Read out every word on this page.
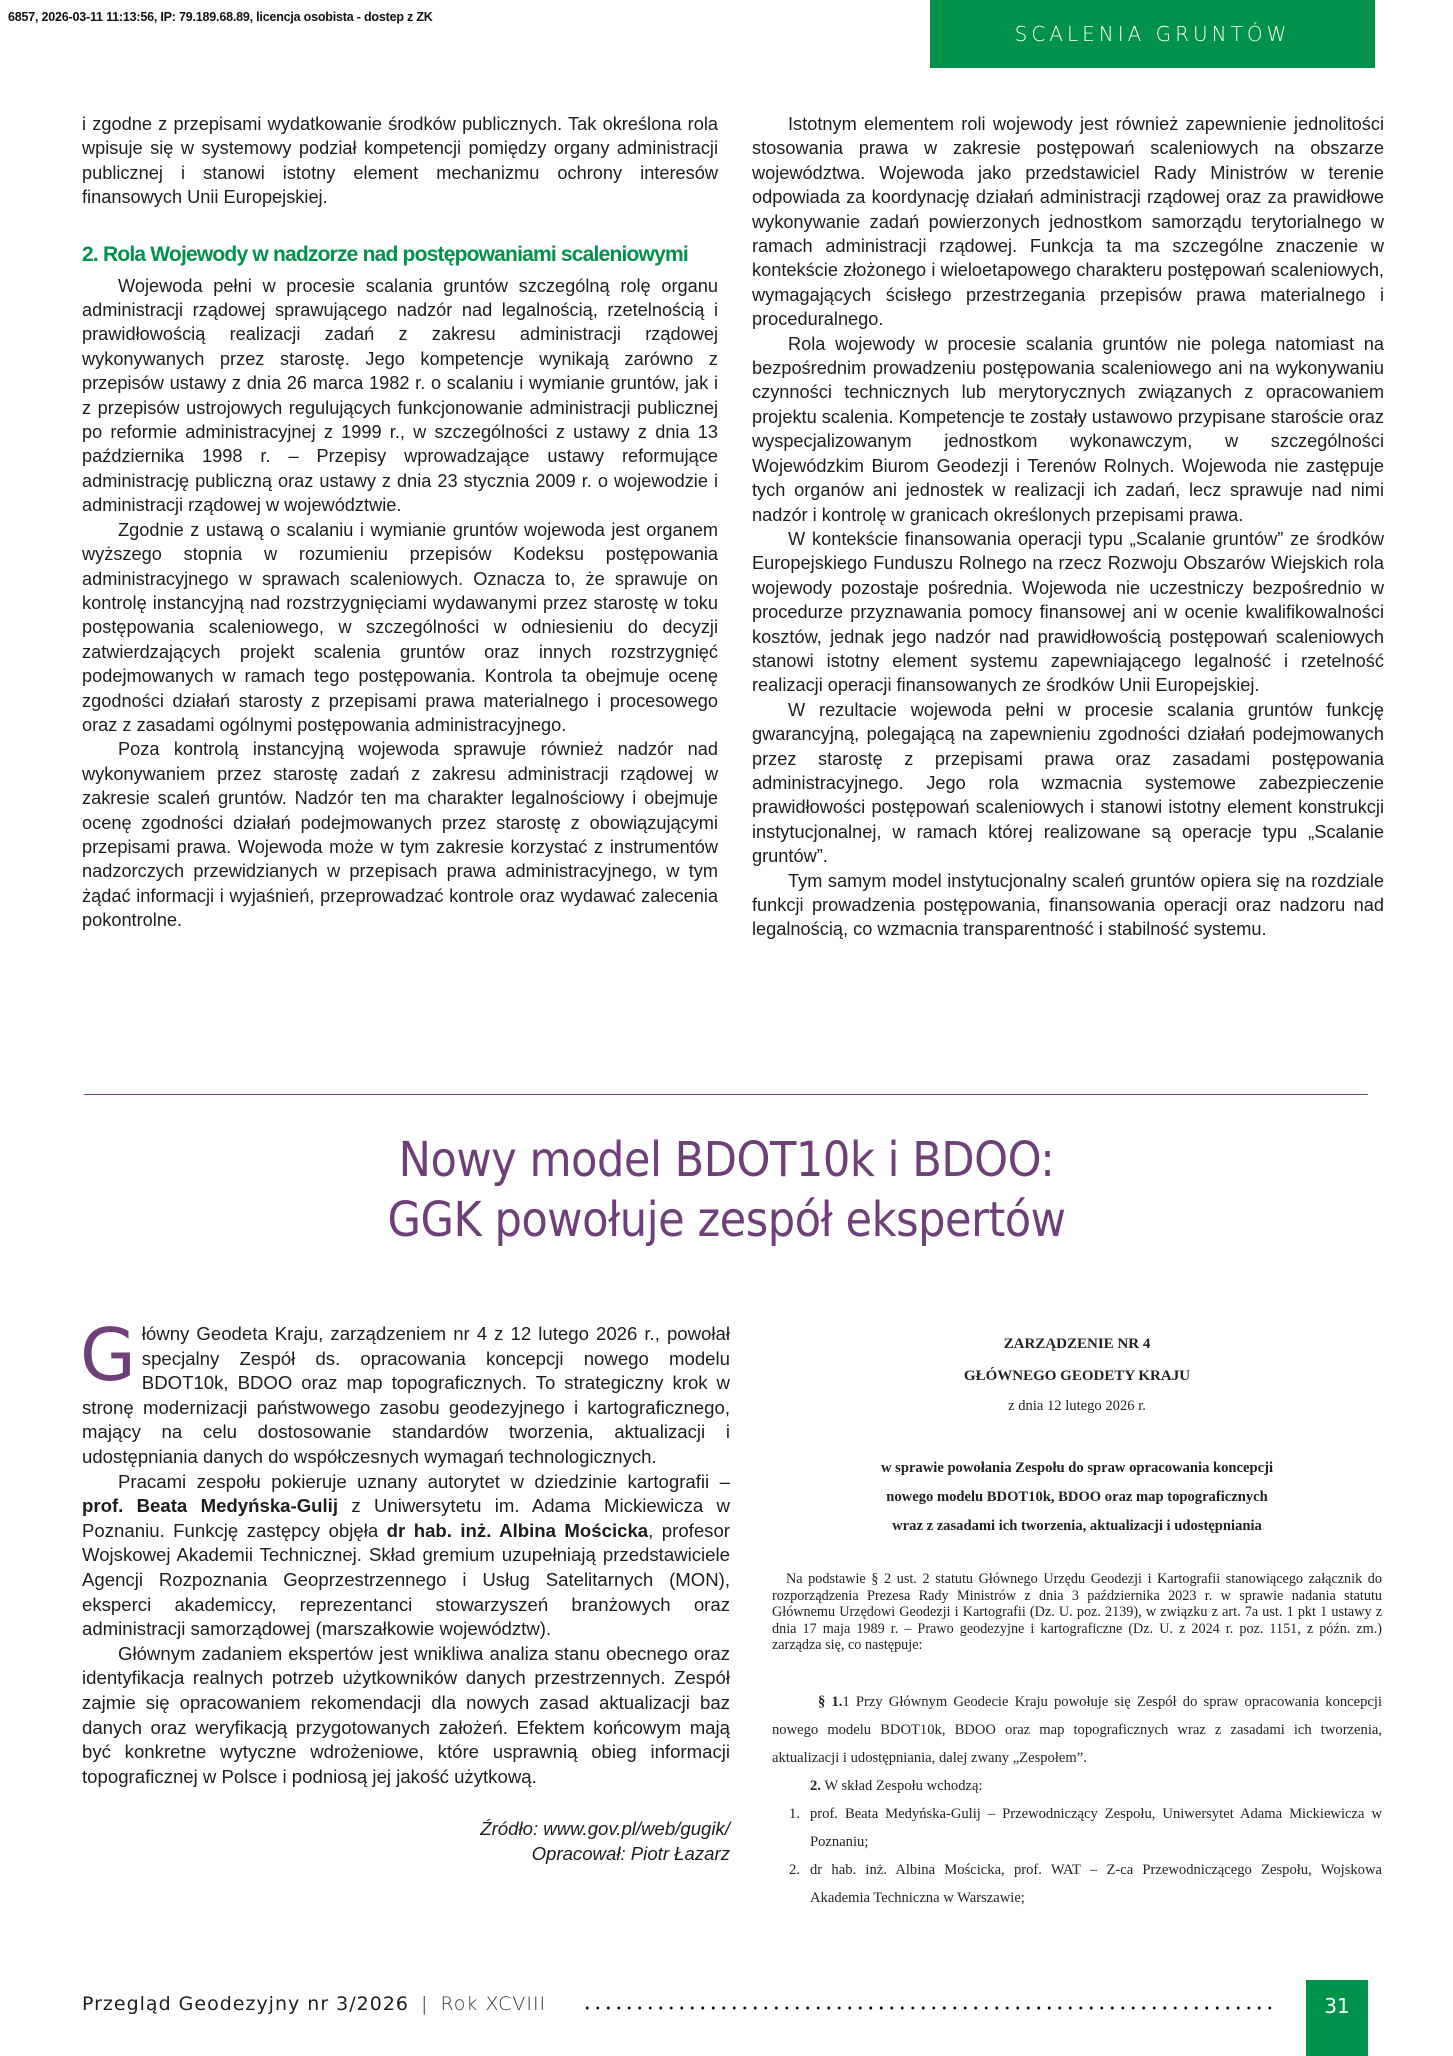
6857, 2026-03-11 11:13:56, IP: 79.189.68.89, licencja osobista - dostep z ZK
SCALENIA GRUNTÓW

i zgodne z przepisami wydatkowanie środków publicznych. Tak określona rola wpisuje się w systemowy podział kompetencji pomiędzy organy administracji publicznej i stanowi istotny element mechanizmu ochrony interesów finansowych Unii Europejskiej.

2. Rola Wojewody w nadzorze nad postępowaniami scaleniowymi

Wojewoda pełni w procesie scalania gruntów szczególną rolę organu administracji rządowej sprawującego nadzór nad legalnością, rzetelnością i prawidłowością realizacji zadań z zakresu administracji rządowej wykonywanych przez starostę. Jego kompetencje wynikają zarówno z przepisów ustawy z dnia 26 marca 1982 r. o scalaniu i wymianie gruntów, jak i z przepisów ustrojowych regulujących funkcjonowanie administracji publicznej po reformie administracyjnej z 1999 r., w szczególności z ustawy z dnia 13 października 1998 r. – Przepisy wprowadzające ustawy reformujące administrację publiczną oraz ustawy z dnia 23 stycznia 2009 r. o wojewodzie i administracji rządowej w województwie.

Zgodnie z ustawą o scalaniu i wymianie gruntów wojewoda jest organem wyższego stopnia w rozumieniu przepisów Kodeksu postępowania administracyjnego w sprawach scaleniowych. Oznacza to, że sprawuje on kontrolę instancyjną nad rozstrzygnięciami wydawanymi przez starostę w toku postępowania scaleniowego, w szczególności w odniesieniu do decyzji zatwierdzających projekt scalenia gruntów oraz innych rozstrzygnięć podejmowanych w ramach tego postępowania. Kontrola ta obejmuje ocenę zgodności działań starosty z przepisami prawa materialnego i procesowego oraz z zasadami ogólnymi postępowania administracyjnego.

Poza kontrolą instancyjną wojewoda sprawuje również nadzór nad wykonywaniem przez starostę zadań z zakresu administracji rządowej w zakresie scaleń gruntów. Nadzór ten ma charakter legalnościowy i obejmuje ocenę zgodności działań podejmowanych przez starostę z obowiązującymi przepisami prawa. Wojewoda może w tym zakresie korzystać z instrumentów nadzorczych przewidzianych w przepisach prawa administracyjnego, w tym żądać informacji i wyjaśnień, przeprowadzać kontrole oraz wydawać zalecenia pokontrolne.

Istotnym elementem roli wojewody jest również zapewnienie jednolitości stosowania prawa w zakresie postępowań scaleniowych na obszarze województwa. Wojewoda jako przedstawiciel Rady Ministrów w terenie odpowiada za koordynację działań administracji rządowej oraz za prawidłowe wykonywanie zadań powierzonych jednostkom samorządu terytorialnego w ramach administracji rządowej. Funkcja ta ma szczególne znaczenie w kontekście złożonego i wieloetapowego charakteru postępowań scaleniowych, wymagających ścisłego przestrzegania przepisów prawa materialnego i proceduralnego.

Rola wojewody w procesie scalania gruntów nie polega natomiast na bezpośrednim prowadzeniu postępowania scaleniowego ani na wykonywaniu czynności technicznych lub merytorycznych związanych z opracowaniem projektu scalenia. Kompetencje te zostały ustawowo przypisane staroście oraz wyspecjalizowanym jednostkom wykonawczym, w szczególności Wojewódzkim Biurom Geodezji i Terenów Rolnych. Wojewoda nie zastępuje tych organów ani jednostek w realizacji ich zadań, lecz sprawuje nad nimi nadzór i kontrolę w granicach określonych przepisami prawa.

W kontekście finansowania operacji typu „Scalanie gruntów” ze środków Europejskiego Funduszu Rolnego na rzecz Rozwoju Obszarów Wiejskich rola wojewody pozostaje pośrednia. Wojewoda nie uczestniczy bezpośrednio w procedurze przyznawania pomocy finansowej ani w ocenie kwalifikowalności kosztów, jednak jego nadzór nad prawidłowością postępowań scaleniowych stanowi istotny element systemu zapewniającego legalność i rzetelność realizacji operacji finansowanych ze środków Unii Europejskiej.

W rezultacie wojewoda pełni w procesie scalania gruntów funkcję gwarancyjną, polegającą na zapewnieniu zgodności działań podejmowanych przez starostę z przepisami prawa oraz zasadami postępowania administracyjnego. Jego rola wzmacnia systemowe zabezpieczenie prawidłowości postępowań scaleniowych i stanowi istotny element konstrukcji instytucjonalnej, w ramach której realizowane są operacje typu „Scalanie gruntów”.

Tym samym model instytucjonalny scaleń gruntów opiera się na rozdziale funkcji prowadzenia postępowania, finansowania operacji oraz nadzoru nad legalnością, co wzmacnia transparentność i stabilność systemu.

Nowy model BDOT10k i BDOO:
GGK powołuje zespół ekspertów

Główny Geodeta Kraju, zarządzeniem nr 4 z 12 lutego 2026 r., powołał specjalny Zespół ds. opracowania koncepcji nowego modelu BDOT10k, BDOO oraz map topograficznych. To strategiczny krok w stronę modernizacji państwowego zasobu geodezyjnego i kartograficznego, mający na celu dostosowanie standardów tworzenia, aktualizacji i udostępniania danych do współczesnych wymagań technologicznych.

Pracami zespołu pokieruje uznany autorytet w dziedzinie kartografii – prof. Beata Medyńska-Gulij z Uniwersytetu im. Adama Mickiewicza w Poznaniu. Funkcję zastępcy objęła dr hab. inż. Albina Mościcka, profesor Wojskowej Akademii Technicznej. Skład gremium uzupełniają przedstawiciele Agencji Rozpoznania Geoprzestrzennego i Usług Satelitarnych (MON), eksperci akademiccy, reprezentanci stowarzyszeń branżowych oraz administracji samorządowej (marszałkowie województw).

Głównym zadaniem ekspertów jest wnikliwa analiza stanu obecnego oraz identyfikacja realnych potrzeb użytkowników danych przestrzennych. Zespół zajmie się opracowaniem rekomendacji dla nowych zasad aktualizacji baz danych oraz weryfikacją przygotowanych założeń. Efektem końcowym mają być konkretne wytyczne wdrożeniowe, które usprawnią obieg informacji topograficznej w Polsce i podniosą jej jakość użytkową.

Źródło: www.gov.pl/web/gugik/

Opracował: Piotr Łazarz

ZARZĄDZENIE NR 4
GŁÓWNEGO GEODETY KRAJU
z dnia 12 lutego 2026 r.
w sprawie powołania Zespołu do spraw opracowania koncepcji
nowego modelu BDOT10k, BDOO oraz map topograficznych
wraz z zasadami ich tworzenia, aktualizacji i udostępniania
Na podstawie § 2 ust. 2 statutu Głównego Urzędu Geodezji i Kartografii stanowiącego załącznik do rozporządzenia Prezesa Rady Ministrów z dnia 3 października 2023 r. w sprawie nadania statutu Głównemu Urzędowi Geodezji i Kartografii (Dz. U. poz. 2139), w związku z art. 7a ust. 1 pkt 1 ustawy z dnia 17 maja 1989 r. – Prawo geodezyjne i kartograficzne (Dz. U. z 2024 r. poz. 1151, z późn. zm.) zarządza się, co następuje:
§ 1.1 Przy Głównym Geodecie Kraju powołuje się Zespół do spraw opracowania koncepcji nowego modelu BDOT10k, BDOO oraz map topograficznych wraz z zasadami ich tworzenia, aktualizacji i udostępniania, dalej zwany „Zespołem”.
2. W skład Zespołu wchodzą:
1. prof. Beata Medyńska-Gulij – Przewodniczący Zespołu, Uniwersytet Adama Mickiewicza w Poznaniu;
2. dr hab. inż. Albina Mościcka, prof. WAT – Z-ca Przewodniczącego Zespołu, Wojskowa Akademia Techniczna w Warszawie;
Przegląd Geodezyjny nr 3/2026 | Rok XCVIII	31
